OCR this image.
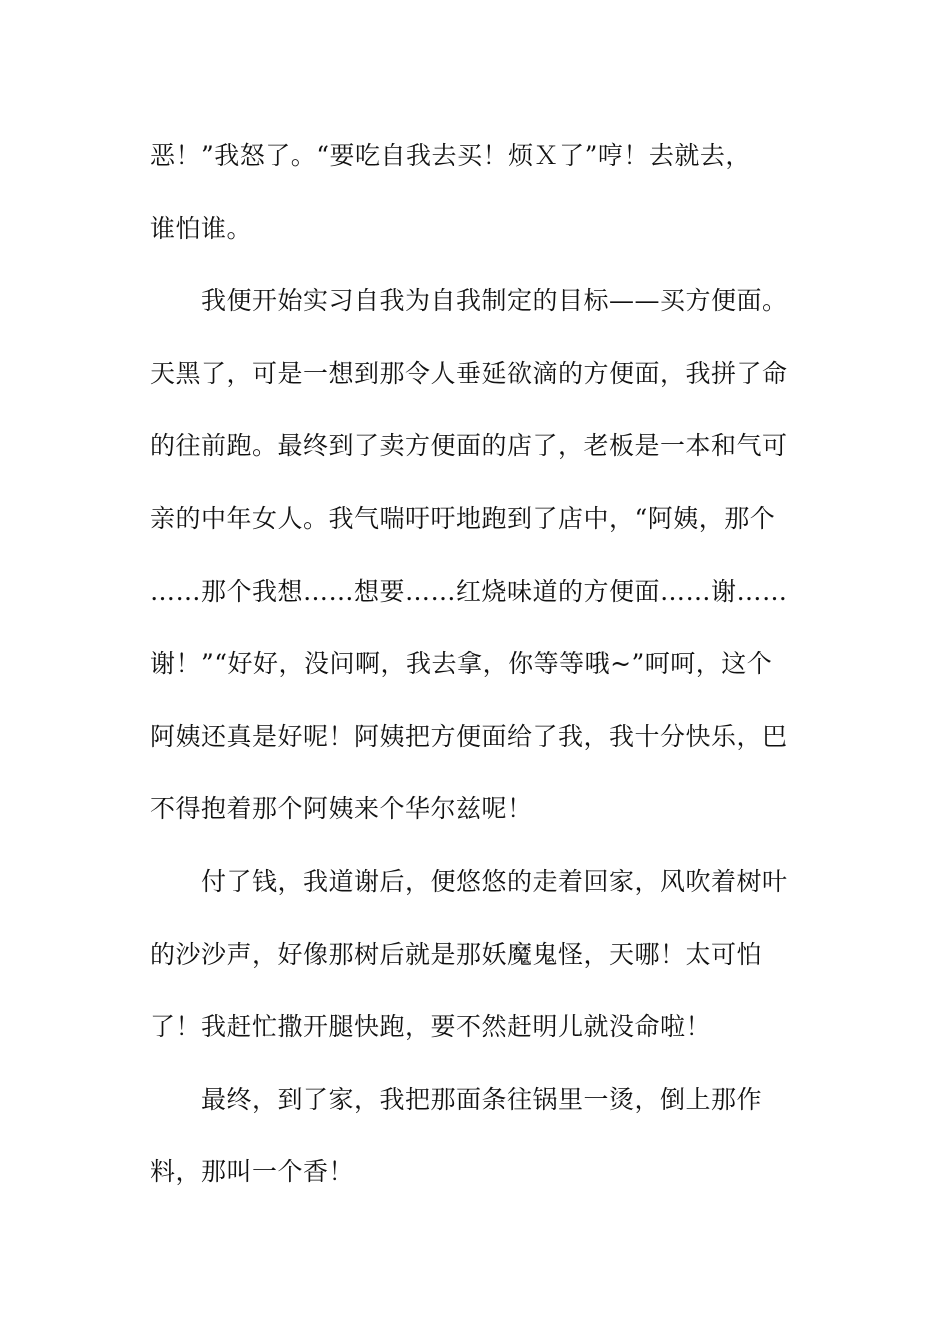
恶！”我怒了。“要吃自我去买！烦Ｘ了”哼！去就去，
谁怕谁。
我便开始实习自我为自我制定的目标——买方便面。
天黑了，可是一想到那令人垂延欲滴的方便面，我拼了命
的往前跑。最终到了卖方便面的店了，老板是一本和气可
亲的中年女人。我气喘吁吁地跑到了店中，“阿姨，那个
……那个我想……想要……红烧味道的方便面……谢……
谢！”“好好，没问啊，我去拿，你等等哦~”呵呵，这个
阿姨还真是好呢！阿姨把方便面给了我，我十分快乐，巴
不得抱着那个阿姨来个华尔兹呢！
付了钱，我道谢后，便悠悠的走着回家，风吹着树叶
的沙沙声，好像那树后就是那妖魔鬼怪，天哪！太可怕
了！我赶忙撒开腿快跑，要不然赶明儿就没命啦！
最终，到了家，我把那面条往锅里一烫，倒上那作
料，那叫一个香！
